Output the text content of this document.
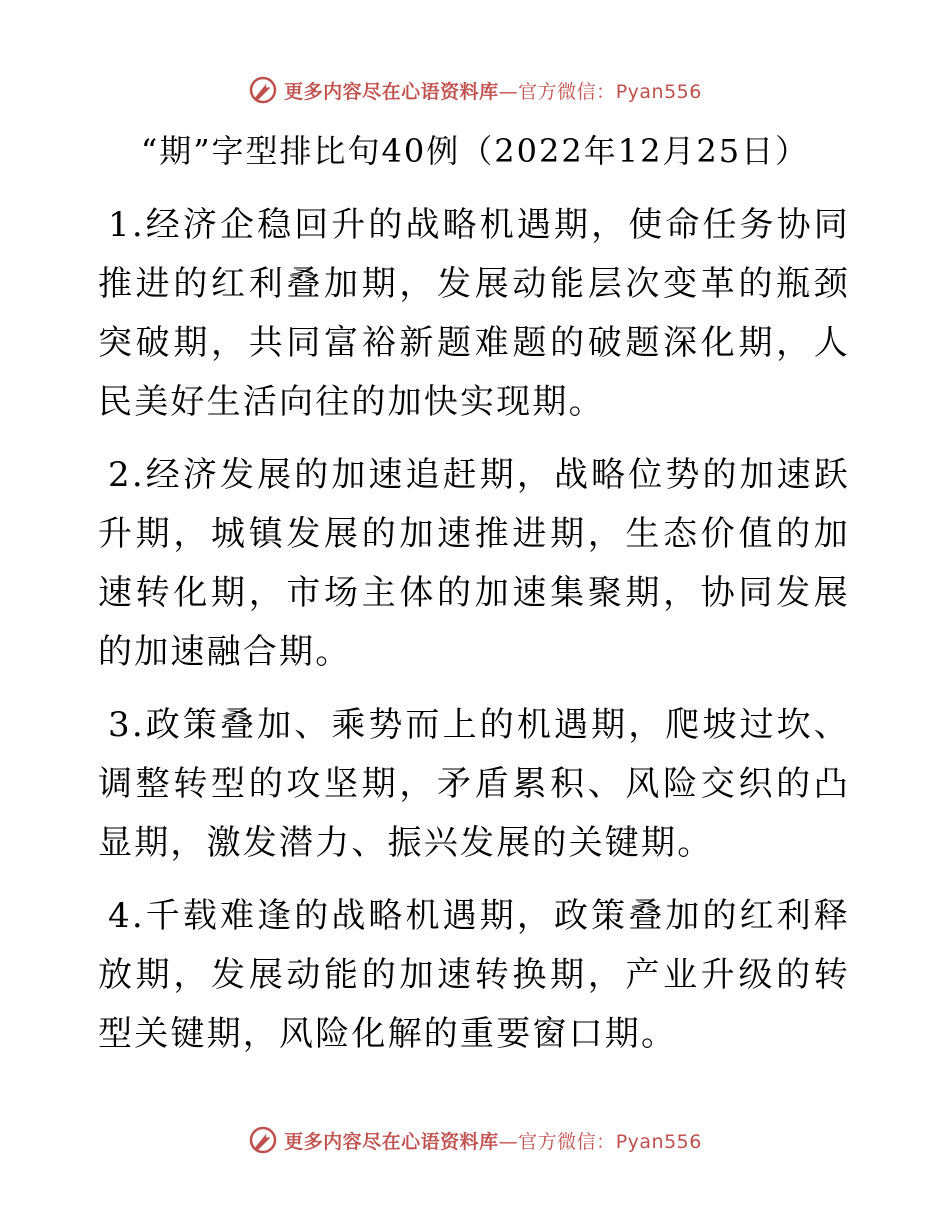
更多内容尽在心语资料库—官方微信：Pyan556
“期”字型排比句40例（2022年12月25日）

1.经济企稳回升的战略机遇期，使命任务协同推进的红利叠加期，发展动能层次变革的瓶颈突破期，共同富裕新题难题的破题深化期，人民美好生活向往的加快实现期。

2.经济发展的加速追赶期，战略位势的加速跃升期，城镇发展的加速推进期，生态价值的加速转化期，市场主体的加速集聚期，协同发展的加速融合期。

3.政策叠加、乘势而上的机遇期，爬坡过坎、调整转型的攻坚期，矛盾累积、风险交织的凸显期，激发潜力、振兴发展的关键期。

4.千载难逢的战略机遇期，政策叠加的红利释放期，发展动能的加速转换期，产业升级的转型关键期，风险化解的重要窗口期。

更多内容尽在心语资料库—官方微信：Pyan556
